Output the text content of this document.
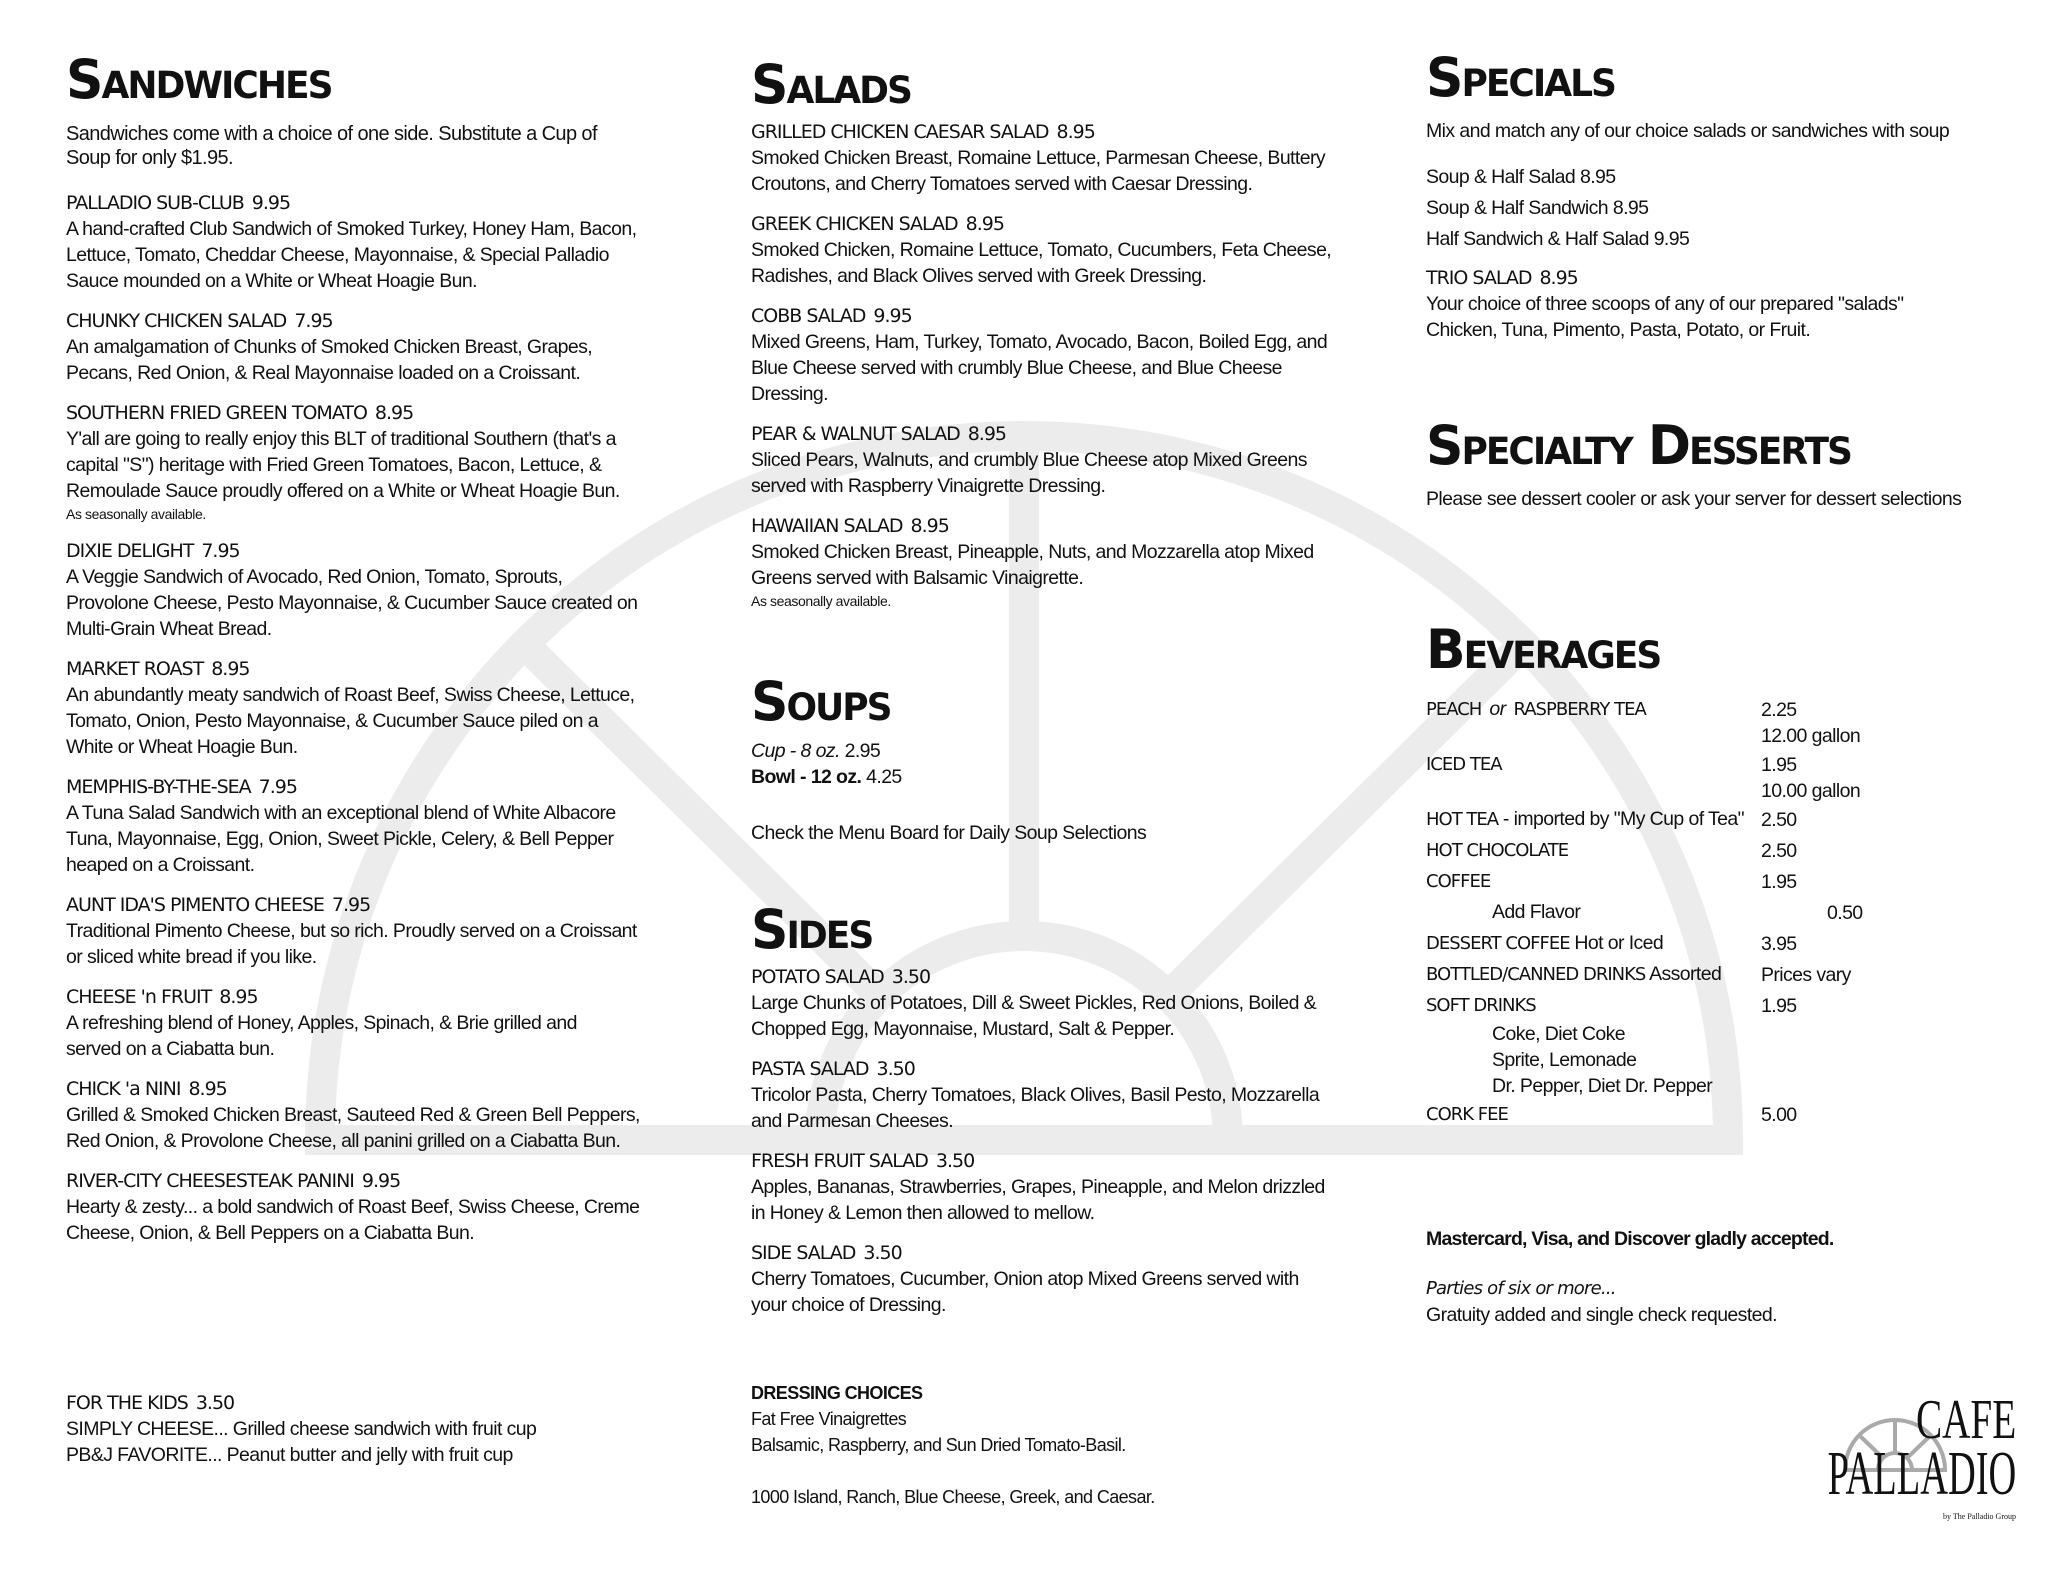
Sandwiches
Sandwiches come with a choice of one side. Substitute a Cup of
Soup for only $1.95.
PALLADIO SUB-CLUB 9.95
A hand-crafted Club Sandwich of Smoked Turkey, Honey Ham, Bacon,
Lettuce, Tomato, Cheddar Cheese, Mayonnaise, & Special Palladio
Sauce mounded on a White or Wheat Hoagie Bun.
CHUNKY CHICKEN SALAD 7.95
An amalgamation of Chunks of Smoked Chicken Breast, Grapes,
Pecans, Red Onion, & Real Mayonnaise loaded on a Croissant.
SOUTHERN FRIED GREEN TOMATO 8.95
Y'all are going to really enjoy this BLT of traditional Southern (that's a
capital "S") heritage with Fried Green Tomatoes, Bacon, Lettuce, &
Remoulade Sauce proudly offered on a White or Wheat Hoagie Bun.
As seasonally available.
DIXIE DELIGHT 7.95
A Veggie Sandwich of Avocado, Red Onion, Tomato, Sprouts,
Provolone Cheese, Pesto Mayonnaise, & Cucumber Sauce created on
Multi-Grain Wheat Bread.
MARKET ROAST 8.95
An abundantly meaty sandwich of Roast Beef, Swiss Cheese, Lettuce,
Tomato, Onion, Pesto Mayonnaise, & Cucumber Sauce piled on a
White or Wheat Hoagie Bun.
MEMPHIS-BY-THE-SEA 7.95
A Tuna Salad Sandwich with an exceptional blend of White Albacore
Tuna, Mayonnaise, Egg, Onion, Sweet Pickle, Celery, & Bell Pepper
heaped on a Croissant.
AUNT IDA'S PIMENTO CHEESE 7.95
Traditional Pimento Cheese, but so rich. Proudly served on a Croissant
or sliced white bread if you like.
CHEESE 'n FRUIT 8.95
A refreshing blend of Honey, Apples, Spinach, & Brie grilled and
served on a Ciabatta bun.
CHICK 'a NINI 8.95
Grilled & Smoked Chicken Breast, Sauteed Red & Green Bell Peppers,
Red Onion, & Provolone Cheese, all panini grilled on a Ciabatta Bun.
RIVER-CITY CHEESESTEAK PANINI 9.95
Hearty & zesty... a bold sandwich of Roast Beef, Swiss Cheese, Creme
Cheese, Onion, & Bell Peppers on a Ciabatta Bun.
FOR THE KIDS 3.50
SIMPLY CHEESE... Grilled cheese sandwich with fruit cup
PB&J FAVORITE... Peanut butter and jelly with fruit cup
Salads
GRILLED CHICKEN CAESAR SALAD 8.95
Smoked Chicken Breast, Romaine Lettuce, Parmesan Cheese, Buttery
Croutons, and Cherry Tomatoes served with Caesar Dressing.
GREEK CHICKEN SALAD 8.95
Smoked Chicken, Romaine Lettuce, Tomato, Cucumbers, Feta Cheese,
Radishes, and Black Olives served with Greek Dressing.
COBB SALAD 9.95
Mixed Greens, Ham, Turkey, Tomato, Avocado, Bacon, Boiled Egg, and
Blue Cheese served with crumbly Blue Cheese, and Blue Cheese
Dressing.
PEAR & WALNUT SALAD 8.95
Sliced Pears, Walnuts, and crumbly Blue Cheese atop Mixed Greens
served with Raspberry Vinaigrette Dressing.
HAWAIIAN SALAD 8.95
Smoked Chicken Breast, Pineapple, Nuts, and Mozzarella atop Mixed
Greens served with Balsamic Vinaigrette.
As seasonally available.
Soups
Cup - 8 oz. 2.95
Bowl - 12 oz. 4.25
Check the Menu Board for Daily Soup Selections
Sides
POTATO SALAD 3.50
Large Chunks of Potatoes, Dill & Sweet Pickles, Red Onions, Boiled &
Chopped Egg, Mayonnaise, Mustard, Salt & Pepper.
PASTA SALAD 3.50
Tricolor Pasta, Cherry Tomatoes, Black Olives, Basil Pesto, Mozzarella
and Parmesan Cheeses.
FRESH FRUIT SALAD 3.50
Apples, Bananas, Strawberries, Grapes, Pineapple, and Melon drizzled
in Honey & Lemon then allowed to mellow.
SIDE SALAD 3.50
Cherry Tomatoes, Cucumber, Onion atop Mixed Greens served with
your choice of Dressing.
DRESSING CHOICES
Fat Free Vinaigrettes
Balsamic, Raspberry, and Sun Dried Tomato-Basil.
1000 Island, Ranch, Blue Cheese, Greek, and Caesar.
Specials
Mix and match any of our choice salads or sandwiches with soup
Soup & Half Salad 8.95
Soup & Half Sandwich 8.95
Half Sandwich & Half Salad 9.95
TRIO SALAD 8.95
Your choice of three scoops of any of our prepared "salads"
Chicken, Tuna, Pimento, Pasta, Potato, or Fruit.
Specialty Desserts
Please see dessert cooler or ask your server for dessert selections
Beverages
PEACH or RASPBERRY TEA	2.25
12.00 gallon
ICED TEA	1.95
10.00 gallon
HOT TEA - imported by "My Cup of Tea" 2.50
HOT CHOCOLATE	2.50
COFFEE	1.95
Add Flavor	0.50
DESSERT COFFEE Hot or Iced	3.95
BOTTLED/CANNED DRINKS Assorted	Prices vary
SOFT DRINKS	1.95
Coke, Diet Coke
Sprite, Lemonade
Dr. Pepper, Diet Dr. Pepper
CORK FEE	5.00
Mastercard, Visa, and Discover gladly accepted.
Parties of six or more...
Gratuity added and single check requested.
CAFE
PALLADIO
by The Palladio Group
